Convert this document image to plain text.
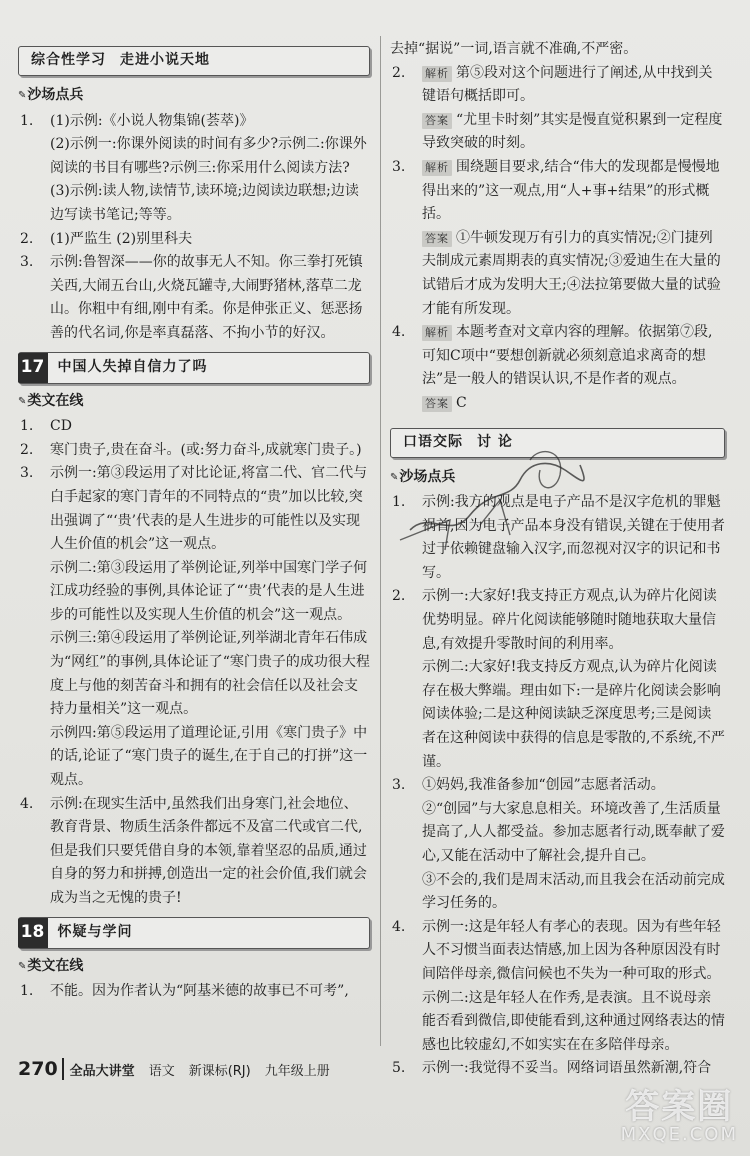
综合性学习 走进小说天地
✎ 沙场点兵
1.	(1)示例:《小说人物集锦(荟萃)》
(2)示例一:你课外阅读的时间有多少?示例二:你课外阅读的书目有哪些?示例三:你采用什么阅读方法?
(3)示例:读人物,读情节,读环境;边阅读边联想;边读边写读书笔记;等等。
2.	(1)严监生 (2)别里科夫
3.	示例:鲁智深——你的故事无人不知。你三拳打死镇关西,大闹五台山,火烧瓦罐寺,大闹野猪林,落草二龙山。你粗中有细,刚中有柔。你是伸张正义、惩恶扬善的代名词,你是率真磊落、不拘小节的好汉。
17 中国人失掉自信力了吗
✎ 类文在线
1.	CD
2.	寒门贵子,贵在奋斗。(或:努力奋斗,成就寒门贵子。)
3.	示例一:第③段运用了对比论证,将富二代、官二代与白手起家的寒门青年的不同特点的“贵”加以比较,突出强调了“‘贵’代表的是人生进步的可能性以及实现人生价值的机会”这一观点。
示例二:第③段运用了举例论证,列举中国寒门学子何江成功经验的事例,具体论证了“‘贵’代表的是人生进步的可能性以及实现人生价值的机会”这一观点。
示例三:第④段运用了举例论证,列举湖北青年石伟成为“网红”的事例,具体论证了“寒门贵子的成功很大程度上与他的刻苦奋斗和拥有的社会信任以及社会支持力量相关”这一观点。
示例四:第⑤段运用了道理论证,引用《寒门贵子》中的话,论证了“寒门贵子的诞生,在于自己的打拼”这一观点。
4.	示例:在现实生活中,虽然我们出身寒门,社会地位、教育背景、物质生活条件都远不及富二代或官二代,但是我们只要凭借自身的本领,靠着坚忍的品质,通过自身的努力和拼搏,创造出一定的社会价值,我们就会成为当之无愧的贵子!
18 怀疑与学问
✎ 类文在线
1.	不能。因为作者认为“阿基米德的故事已不可考”,
去掉“据说”一词,语言就不准确,不严密。
2.	解析 第⑤段对这个问题进行了阐述,从中找到关键语句概括即可。
答案 “尤里卡时刻”其实是慢直觉积累到一定程度导致突破的时刻。
3.	解析 围绕题目要求,结合“伟大的发现都是慢慢地得出来的”这一观点,用“人+事+结果”的形式概括。
答案 ①牛顿发现万有引力的真实情况;②门捷列夫制成元素周期表的真实情况;③爱迪生在大量的试错后才成为发明大王;④法拉第要做大量的试验才能有所发现。
4.	解析 本题考查对文章内容的理解。依据第⑦段,可知C项中“要想创新就必须刻意追求离奇的想法”是一般人的错误认识,不是作者的观点。
答案 C
口语交际 讨 论
✎ 沙场点兵
1.	示例:我方的观点是电子产品不是汉字危机的罪魁祸首,因为电子产品本身没有错误,关键在于使用者过于依赖键盘输入汉字,而忽视对汉字的识记和书写。
2.	示例一:大家好!我支持正方观点,认为碎片化阅读优势明显。碎片化阅读能够随时随地获取大量信息,有效提升零散时间的利用率。
示例二:大家好!我支持反方观点,认为碎片化阅读存在极大弊端。理由如下:一是碎片化阅读会影响阅读体验;二是这种阅读缺乏深度思考;三是阅读者在这种阅读中获得的信息是零散的,不系统,不严谨。
3.	①妈妈,我准备参加“创园”志愿者活动。
②“创园”与大家息息相关。环境改善了,生活质量提高了,人人都受益。参加志愿者行动,既奉献了爱心,又能在活动中了解社会,提升自己。
③不会的,我们是周末活动,而且我会在活动前完成学习任务的。
4.	示例一:这是年轻人有孝心的表现。因为有些年轻人不习惯当面表达情感,加上因为各种原因没有时间陪伴母亲,微信问候也不失为一种可取的形式。
示例二:这是年轻人在作秀,是表演。且不说母亲能否看到微信,即使能看到,这种通过网络表达的情感也比较虚幻,不如实实在在多陪伴母亲。
5.	示例一:我觉得不妥当。网络词语虽然新潮,符合
270 全品大讲堂 语文 新课标(RJ) 九年级上册
答案圈
MXQE.COM
